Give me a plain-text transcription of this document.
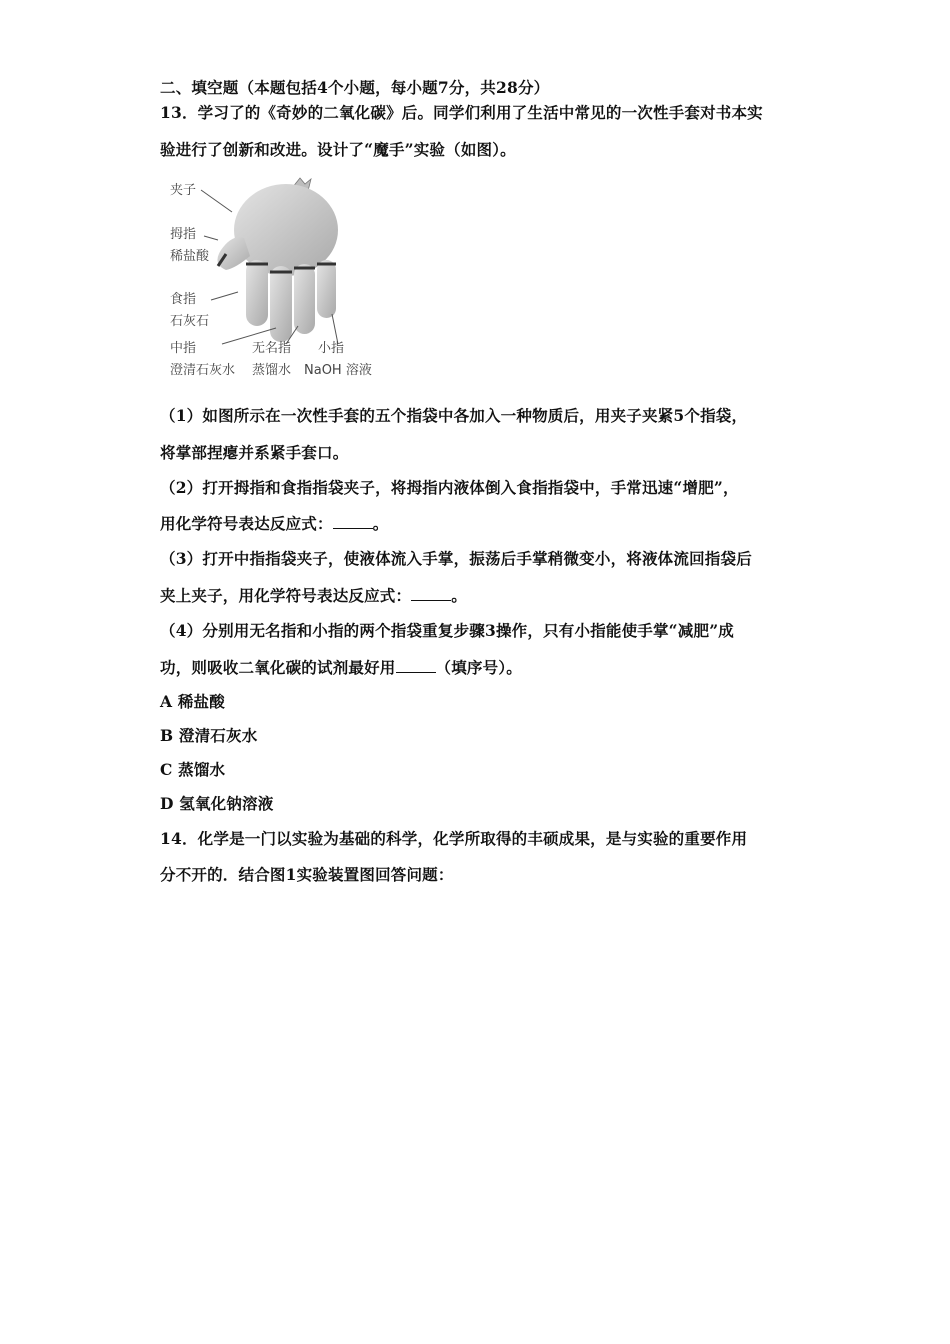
二、填空题（本题包括4个小题，每小题7分，共28分）
13．学习了的《奇妙的二氧化碳》后。同学们利用了生活中常见的一次性手套对书本实
验进行了创新和改进。设计了“魔手”实验（如图）。
夹子
拇指
稀盐酸
食指
石灰石
中指
澄清石灰水
无名指
蒸馏水
小指
NaOH 溶液
（1）如图所示在一次性手套的五个指袋中各加入一种物质后，用夹子夹紧5个指袋，
将掌部捏瘪并系紧手套口。
（2）打开拇指和食指指袋夹子，将拇指内液体倒入食指指袋中，手常迅速“增肥”，
用化学符号表达反应式：	。
（3）打开中指指袋夹子，使液体流入手掌，振荡后手掌稍微变小，将液体流回指袋后
夹上夹子，用化学符号表达反应式：	。
（4）分别用无名指和小指的两个指袋重复步骤3操作，只有小指能使手掌“减肥”成
功，则吸收二氧化碳的试剂最好用	（填序号）。
A 稀盐酸
B 澄清石灰水
C 蒸馏水
D 氢氧化钠溶液
14．化学是一门以实验为基础的科学，化学所取得的丰硕成果，是与实验的重要作用
分不开的．结合图1实验装置图回答问题：
